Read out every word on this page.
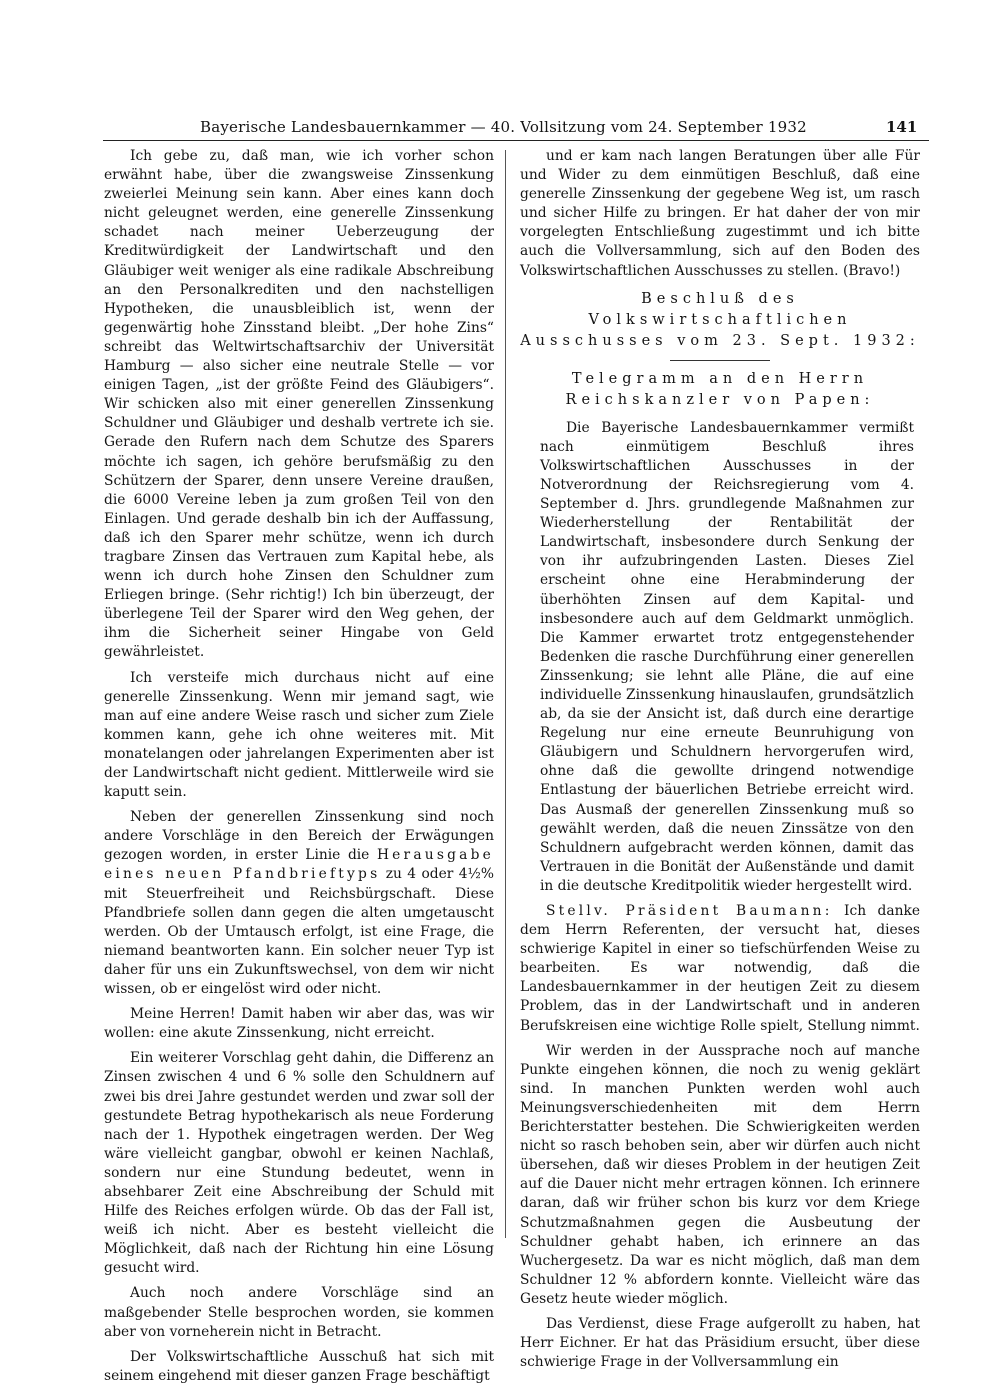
Bayerische Landesbauernkammer — 40. Vollsitzung vom 24. September 1932	141

Ich gebe zu, daß man, wie ich vorher schon erwähnt habe, über die zwangsweise Zinssenkung zweierlei Meinung sein kann. Aber eines kann doch nicht geleugnet werden, eine generelle Zinssenkung schadet nach meiner Ueberzeugung der Kreditwürdigkeit der Landwirtschaft und den Gläubiger weit weniger als eine radikale Abschreibung an den Personalkrediten und den nachstelligen Hypotheken, die unausbleiblich ist, wenn der gegenwärtig hohe Zinsstand bleibt. „Der hohe Zins“ schreibt das Weltwirtschaftsarchiv der Universität Hamburg — also sicher eine neutrale Stelle — vor einigen Tagen, „ist der größte Feind des Gläubigers“. Wir schicken also mit einer generellen Zinssenkung Schuldner und Gläubiger und deshalb vertrete ich sie. Gerade den Rufern nach dem Schutze des Sparers möchte ich sagen, ich gehöre berufsmäßig zu den Schützern der Sparer, denn unsere Vereine draußen, die 6000 Vereine leben ja zum großen Teil von den Einlagen. Und gerade deshalb bin ich der Auffassung, daß ich den Sparer mehr schütze, wenn ich durch tragbare Zinsen das Vertrauen zum Kapital hebe, als wenn ich durch hohe Zinsen den Schuldner zum Erliegen bringe. (Sehr richtig!) Ich bin überzeugt, der überlegene Teil der Sparer wird den Weg gehen, der ihm die Sicherheit seiner Hingabe von Geld gewährleistet.

Ich versteife mich durchaus nicht auf eine generelle Zinssenkung. Wenn mir jemand sagt, wie man auf eine andere Weise rasch und sicher zum Ziele kommen kann, gehe ich ohne weiteres mit. Mit monatelangen oder jahrelangen Experimenten aber ist der Landwirtschaft nicht gedient. Mittlerweile wird sie kaputt sein.

Neben der generellen Zinssenkung sind noch andere Vorschläge in den Bereich der Erwägungen gezogen worden, in erster Linie die Herausgabe eines neuen Pfandbrieftyps zu 4 oder 4½% mit Steuerfreiheit und Reichsbürgschaft. Diese Pfandbriefe sollen dann gegen die alten umgetauscht werden. Ob der Umtausch erfolgt, ist eine Frage, die niemand beantworten kann. Ein solcher neuer Typ ist daher für uns ein Zukunftswechsel, von dem wir nicht wissen, ob er eingelöst wird oder nicht.

Meine Herren! Damit haben wir aber das, was wir wollen: eine akute Zinssenkung, nicht erreicht.

Ein weiterer Vorschlag geht dahin, die Differenz an Zinsen zwischen 4 und 6 % solle den Schuldnern auf zwei bis drei Jahre gestundet werden und zwar soll der gestundete Betrag hypothekarisch als neue Forderung nach der 1. Hypothek eingetragen werden. Der Weg wäre vielleicht gangbar, obwohl er keinen Nachlaß, sondern nur eine Stundung bedeutet, wenn in absehbarer Zeit eine Abschreibung der Schuld mit Hilfe des Reiches erfolgen würde. Ob das der Fall ist, weiß ich nicht. Aber es besteht vielleicht die Möglichkeit, daß nach der Richtung hin eine Lösung gesucht wird.

Auch noch andere Vorschläge sind an maßgebender Stelle besprochen worden, sie kommen aber von vorneherein nicht in Betracht.

Der Volkswirtschaftliche Ausschuß hat sich mit seinem eingehend mit dieser ganzen Frage beschäftigt

und er kam nach langen Beratungen über alle Für und Wider zu dem einmütigen Beschluß, daß eine generelle Zinssenkung der gegebene Weg ist, um rasch und sicher Hilfe zu bringen. Er hat daher der von mir vorgelegten Entschließung zugestimmt und ich bitte auch die Vollversammlung, sich auf den Boden des Volkswirtschaftlichen Ausschusses zu stellen. (Bravo!)

Beschluß des Volkswirtschaftlichen Ausschusses vom 23. Sept. 1932:
Telegramm an den Herrn Reichskanzler von Papen:

Die Bayerische Landesbauernkammer vermißt nach einmütigem Beschluß ihres Volkswirtschaftlichen Ausschusses in der Notverordnung der Reichsregierung vom 4. September d. Jhrs. grundlegende Maßnahmen zur Wiederherstellung der Rentabilität der Landwirtschaft, insbesondere durch Senkung der von ihr aufzubringenden Lasten. Dieses Ziel erscheint ohne eine Herabminderung der überhöhten Zinsen auf dem Kapital- und insbesondere auch auf dem Geldmarkt unmöglich. Die Kammer erwartet trotz entgegenstehender Bedenken die rasche Durchführung einer generellen Zinssenkung; sie lehnt alle Pläne, die auf eine individuelle Zinssenkung hinauslaufen, grundsätzlich ab, da sie der Ansicht ist, daß durch eine derartige Regelung nur eine erneute Beunruhigung von Gläubigern und Schuldnern hervorgerufen wird, ohne daß die gewollte dringend notwendige Entlastung der bäuerlichen Betriebe erreicht wird. Das Ausmaß der generellen Zinssenkung muß so gewählt werden, daß die neuen Zinssätze von den Schuldnern aufgebracht werden können, damit das Vertrauen in die Bonität der Außenstände und damit in die deutsche Kreditpolitik wieder hergestellt wird.

Stellv. Präsident Baumann: Ich danke dem Herrn Referenten, der versucht hat, dieses schwierige Kapitel in einer so tiefschürfenden Weise zu bearbeiten. Es war notwendig, daß die Landesbauernkammer in der heutigen Zeit zu diesem Problem, das in der Landwirtschaft und in anderen Berufskreisen eine wichtige Rolle spielt, Stellung nimmt.

Wir werden in der Aussprache noch auf manche Punkte eingehen können, die noch zu wenig geklärt sind. In manchen Punkten werden wohl auch Meinungsverschiedenheiten mit dem Herrn Berichterstatter bestehen. Die Schwierigkeiten werden nicht so rasch behoben sein, aber wir dürfen auch nicht übersehen, daß wir dieses Problem in der heutigen Zeit auf die Dauer nicht mehr ertragen können. Ich erinnere daran, daß wir früher schon bis kurz vor dem Kriege Schutzmaßnahmen gegen die Ausbeutung der Schuldner gehabt haben, ich erinnere an das Wuchergesetz. Da war es nicht möglich, daß man dem Schuldner 12 % abfordern konnte. Vielleicht wäre das Gesetz heute wieder möglich.

Das Verdienst, diese Frage aufgerollt zu haben, hat Herr Eichner. Er hat das Präsidium ersucht, über diese schwierige Frage in der Vollversammlung ein
